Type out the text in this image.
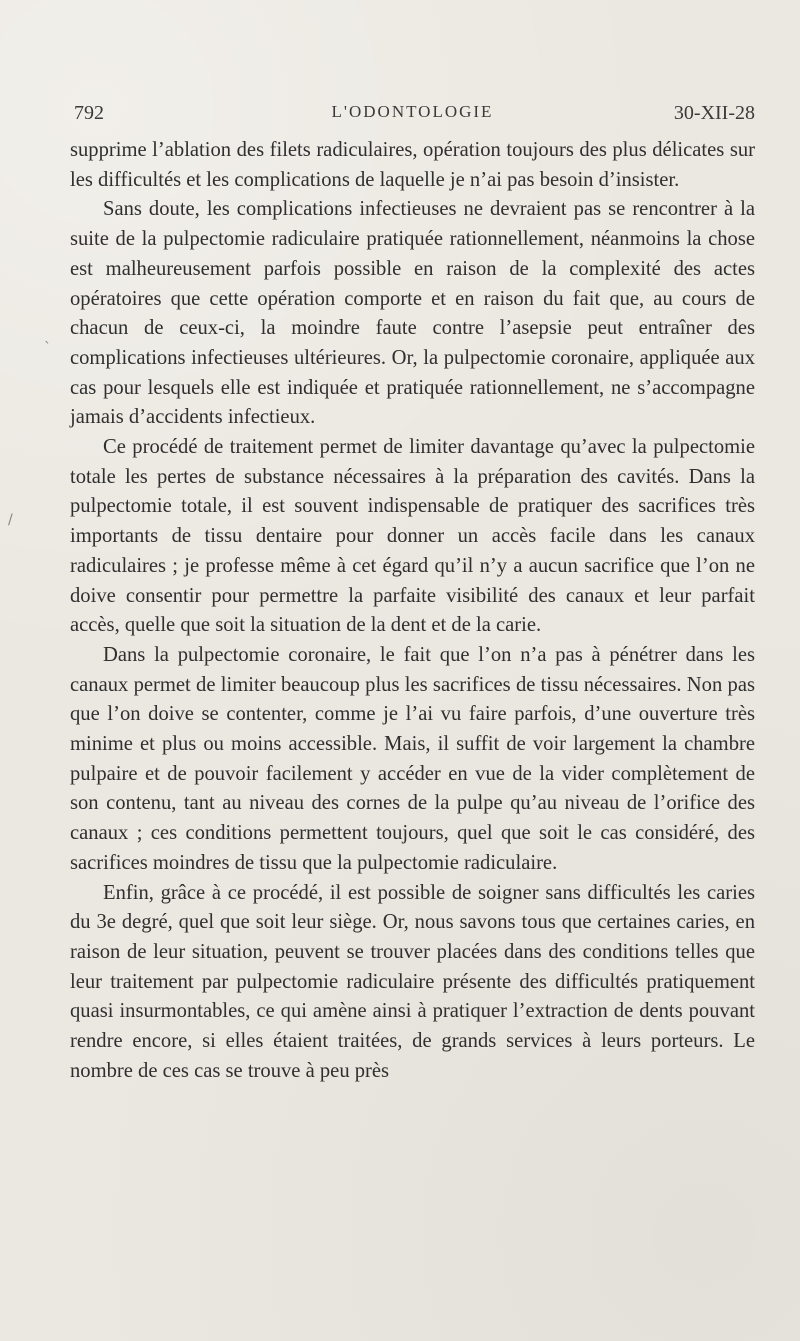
792	L'ODONTOLOGIE	30-XII-28

supprime l’ablation des filets radiculaires, opération toujours des plus délicates sur les difficultés et les complications de laquelle je n’ai pas besoin d’insister.

Sans doute, les complications infectieuses ne devraient pas se rencontrer à la suite de la pulpectomie radiculaire pratiquée rationnellement, néanmoins la chose est malheureusement parfois possible en raison de la complexité des actes opératoires que cette opération comporte et en raison du fait que, au cours de chacun de ceux-ci, la moindre faute contre l’asepsie peut entraîner des complications infectieuses ultérieures. Or, la pulpectomie coronaire, appliquée aux cas pour lesquels elle est indiquée et pratiquée rationnellement, ne s’accompagne jamais d’accidents infectieux.

Ce procédé de traitement permet de limiter davantage qu’avec la pulpectomie totale les pertes de substance nécessaires à la préparation des cavités. Dans la pulpectomie totale, il est souvent indispensable de pratiquer des sacrifices très importants de tissu dentaire pour donner un accès facile dans les canaux radiculaires ; je professe même à cet égard qu’il n’y a aucun sacrifice que l’on ne doive consentir pour permettre la parfaite visibilité des canaux et leur parfait accès, quelle que soit la situation de la dent et de la carie.

Dans la pulpectomie coronaire, le fait que l’on n’a pas à pénétrer dans les canaux permet de limiter beaucoup plus les sacrifices de tissu nécessaires. Non pas que l’on doive se contenter, comme je l’ai vu faire parfois, d’une ouverture très minime et plus ou moins accessible. Mais, il suffit de voir largement la chambre pulpaire et de pouvoir facilement y accéder en vue de la vider complètement de son contenu, tant au niveau des cornes de la pulpe qu’au niveau de l’orifice des canaux ; ces conditions permettent toujours, quel que soit le cas considéré, des sacrifices moindres de tissu que la pulpectomie radiculaire.

Enfin, grâce à ce procédé, il est possible de soigner sans difficultés les caries du 3e degré, quel que soit leur siège. Or, nous savons tous que certaines caries, en raison de leur situation, peuvent se trouver placées dans des conditions telles que leur traitement par pulpectomie radiculaire présente des difficultés pratiquement quasi insurmontables, ce qui amène ainsi à pratiquer l’extraction de dents pouvant rendre encore, si elles étaient traitées, de grands services à leurs porteurs. Le nombre de ces cas se trouve à peu près

ˎ
/
